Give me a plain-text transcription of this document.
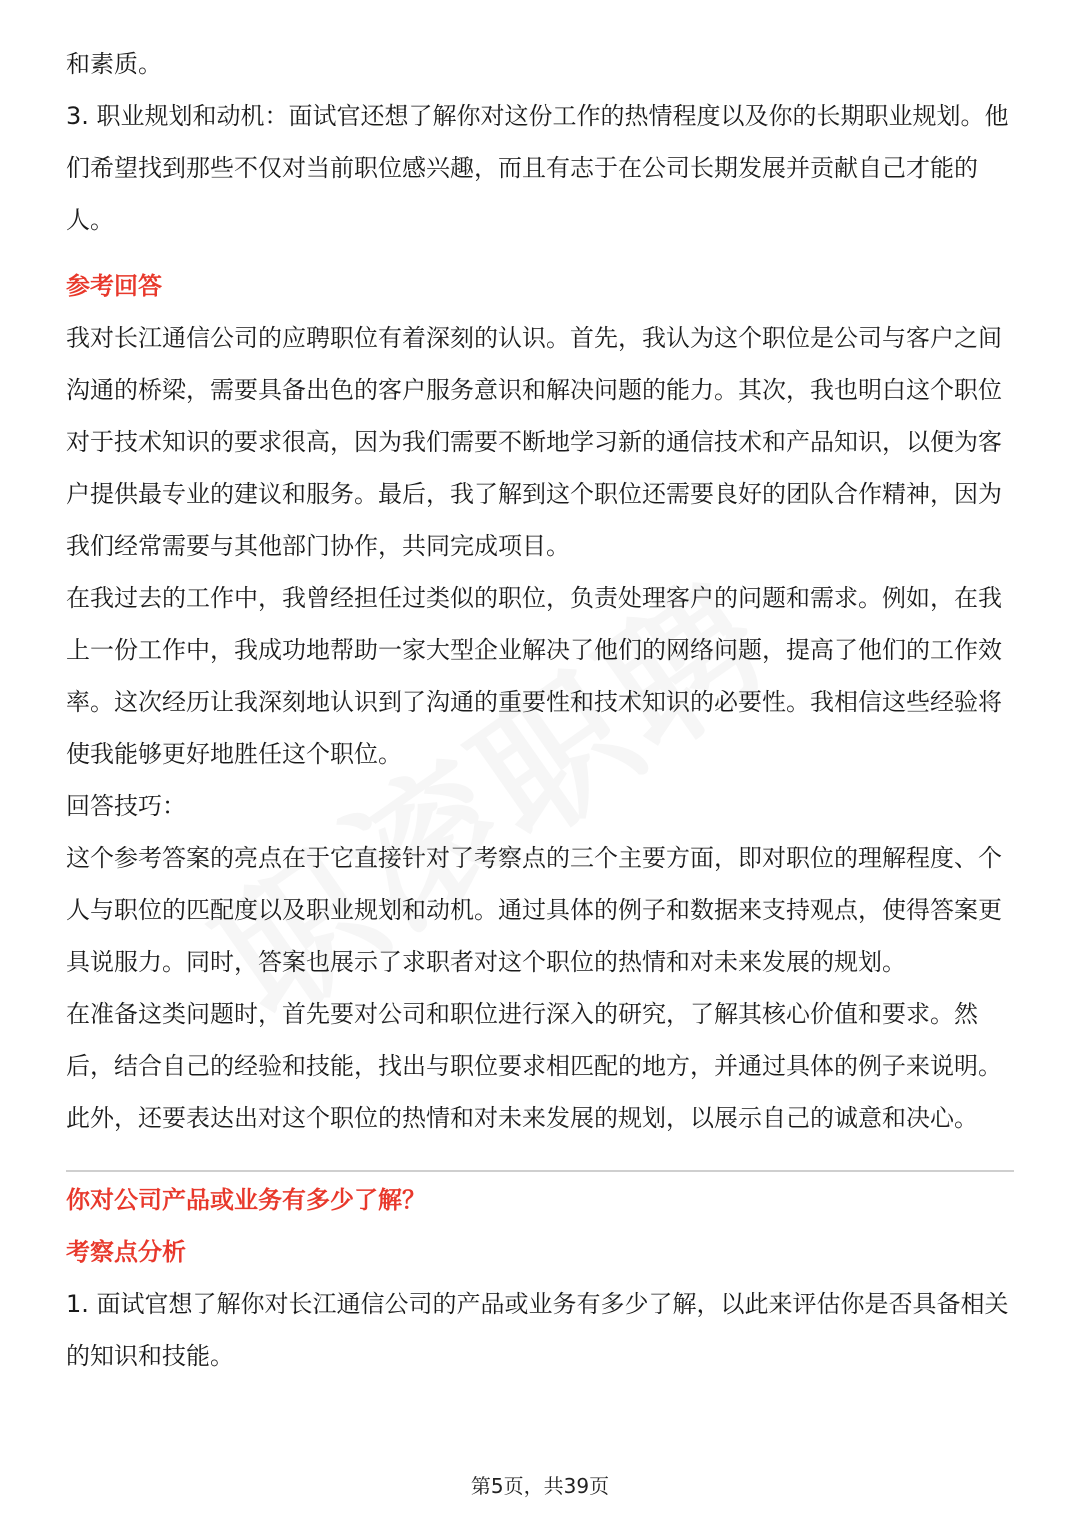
和素质。

3. 职业规划和动机：面试官还想了解你对这份工作的热情程度以及你的长期职业规划。他们希望找到那些不仅对当前职位感兴趣，而且有志于在公司长期发展并贡献自己才能的人。

参考回答

我对长江通信公司的应聘职位有着深刻的认识。首先，我认为这个职位是公司与客户之间沟通的桥梁，需要具备出色的客户服务意识和解决问题的能力。其次，我也明白这个职位对于技术知识的要求很高，因为我们需要不断地学习新的通信技术和产品知识，以便为客户提供最专业的建议和服务。最后，我了解到这个职位还需要良好的团队合作精神，因为我们经常需要与其他部门协作，共同完成项目。

在我过去的工作中，我曾经担任过类似的职位，负责处理客户的问题和需求。例如，在我上一份工作中，我成功地帮助一家大型企业解决了他们的网络问题，提高了他们的工作效率。这次经历让我深刻地认识到了沟通的重要性和技术知识的必要性。我相信这些经验将使我能够更好地胜任这个职位。

回答技巧：

这个参考答案的亮点在于它直接针对了考察点的三个主要方面，即对职位的理解程度、个人与职位的匹配度以及职业规划和动机。通过具体的例子和数据来支持观点，使得答案更具说服力。同时，答案也展示了求职者对这个职位的热情和对未来发展的规划。

在准备这类问题时，首先要对公司和职位进行深入的研究，了解其核心价值和要求。然后，结合自己的经验和技能，找出与职位要求相匹配的地方，并通过具体的例子来说明。此外，还要表达出对这个职位的热情和对未来发展的规划，以展示自己的诚意和决心。

你对公司产品或业务有多少了解？
考察点分析

1. 面试官想了解你对长江通信公司的产品或业务有多少了解，以此来评估你是否具备相关的知识和技能。

第5页，共39页
